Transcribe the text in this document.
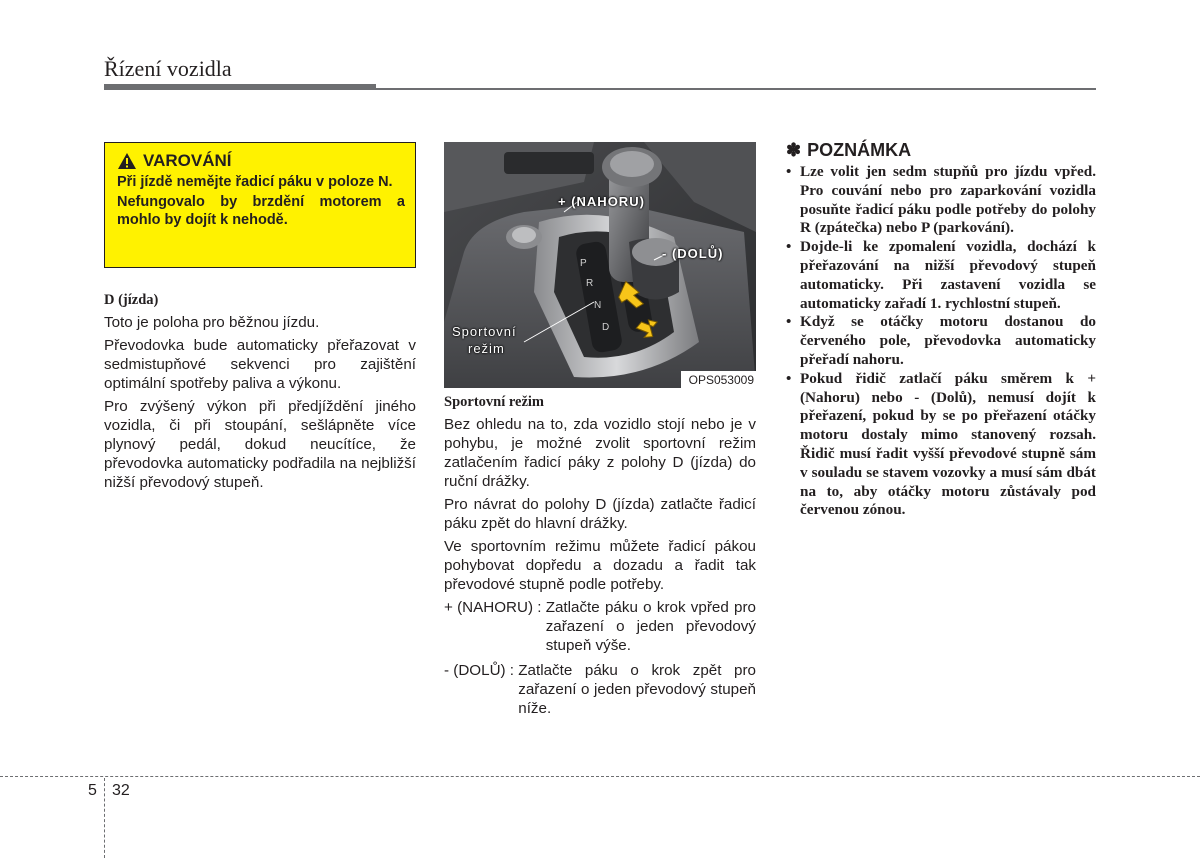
Řízení vozidla
VAROVÁNÍ

Při jízdě nemějte řadicí páku v poloze N.

Nefungovalo by brzdění motorem a mohlo by dojít k nehodě.

D (jízda)

Toto je poloha pro běžnou jízdu.

Převodovka bude automaticky přeřazovat v sedmistupňové sekvenci pro zajištění optimální spotřeby paliva a výkonu.

Pro zvýšený výkon při předjíždění jiného vozidla, či při stoupání, sešlápněte více plynový pedál, dokud neucítíce, že převodovka automaticky podřadila na nejbližší nižší převodový stupeň.

P
R
N
D
+ (NAHORU)
- (DOLŮ)
Sportovní
režim
OPS053009

Sportovní režim

Bez ohledu na to, zda vozidlo stojí nebo je v pohybu, je možné zvolit sportovní režim zatlačením řadicí páky z polohy D (jízda) do ruční drážky.

Pro návrat do polohy D (jízda) zatlačte řadicí páku zpět do hlavní drážky.

Ve sportovním režimu můžete řadicí pákou pohybovat dopředu a dozadu a řadit tak převodové stupně podle potřeby.

+ (NAHORU) : Zatlačte páku o krok vpřed pro zařazení o jeden převodový stupeň výše.
- (DOLŮ) : Zatlačte páku o krok zpět pro zařazení o jeden převodový stupeň níže.
✽ POZNÁMKA
• Lze volit jen sedm stupňů pro jízdu vpřed. Pro couvání nebo pro zaparkování vozidla posuňte řadicí páku podle potřeby do polohy R (zpátečka) nebo P (parkování).
• Dojde-li ke zpomalení vozidla, dochází k přeřazování na nižší převodový stupeň automaticky. Při zastavení vozidla se automaticky zařadí 1. rychlostní stupeň.
• Když se otáčky motoru dostanou do červeného pole, převodovka automaticky přeřadí nahoru.
• Pokud řidič zatlačí páku směrem k + (Nahoru) nebo - (Dolů), nemusí dojít k přeřazení, pokud by se po přeřazení otáčky motoru dostaly mimo stanovený rozsah. Řidič musí řadit vyšší převodové stupně sám v souladu se stavem vozovky a musí sám dbát na to, aby otáčky motoru zůstávaly pod červenou zónou.
5 32
